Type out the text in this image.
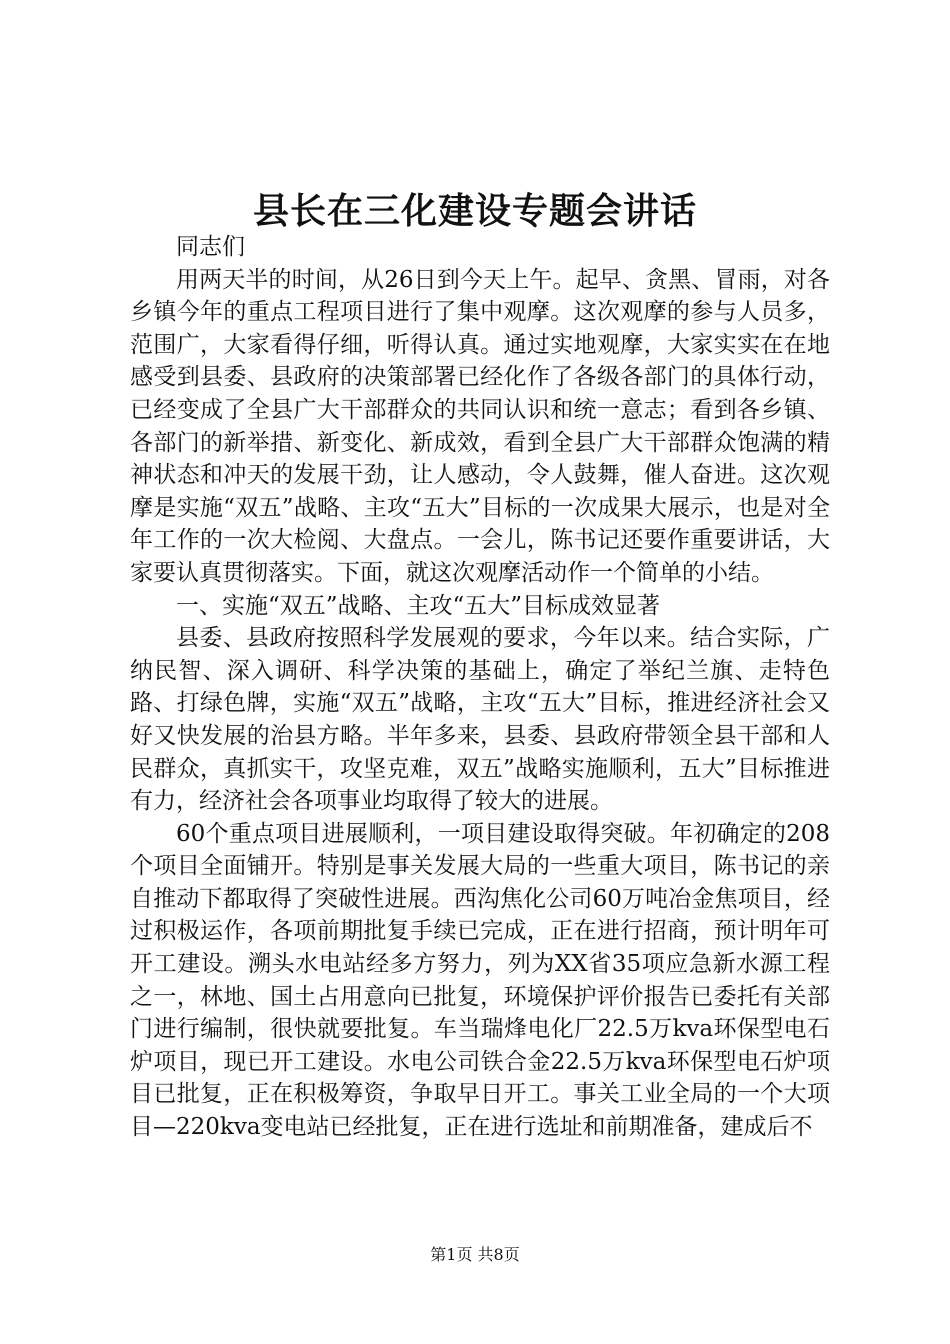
县长在三化建设专题会讲话

同志们

用两天半的时间，从26日到今天上午。起早、贪黑、冒雨，对各乡镇今年的重点工程项目进行了集中观摩。这次观摩的参与人员多，范围广，大家看得仔细，听得认真。通过实地观摩，大家实实在在地感受到县委、县政府的决策部署已经化作了各级各部门的具体行动，已经变成了全县广大干部群众的共同认识和统一意志；看到各乡镇、各部门的新举措、新变化、新成效，看到全县广大干部群众饱满的精神状态和冲天的发展干劲，让人感动，令人鼓舞，催人奋进。这次观摩是实施“双五”战略、主攻“五大”目标的一次成果大展示，也是对全年工作的一次大检阅、大盘点。一会儿，陈书记还要作重要讲话，大家要认真贯彻落实。下面，就这次观摩活动作一个简单的小结。

一、实施“双五”战略、主攻“五大”目标成效显著

县委、县政府按照科学发展观的要求，今年以来。结合实际，广纳民智、深入调研、科学决策的基础上，确定了举纪兰旗、走特色路、打绿色牌，实施“双五”战略，主攻“五大”目标，推进经济社会又好又快发展的治县方略。半年多来，县委、县政府带领全县干部和人民群众，真抓实干，攻坚克难，双五”战略实施顺利，五大”目标推进有力，经济社会各项事业均取得了较大的进展。

60个重点项目进展顺利，一项目建设取得突破。年初确定的208个项目全面铺开。特别是事关发展大局的一些重大项目，陈书记的亲自推动下都取得了突破性进展。西沟焦化公司60万吨冶金焦项目，经过积极运作，各项前期批复手续已完成，正在进行招商，预计明年可开工建设。溯头水电站经多方努力，列为XX省35项应急新水源工程之一，林地、国土占用意向已批复，环境保护评价报告已委托有关部门进行编制，很快就要批复。车当瑞烽电化厂22.5万kva环保型电石炉项目，现已开工建设。水电公司铁合金22.5万kva环保型电石炉项目已批复，正在积极筹资，争取早日开工。事关工业全局的一个大项目—220kva变电站已经批复，正在进行选址和前期准备，建成后不

第1页 共8页
